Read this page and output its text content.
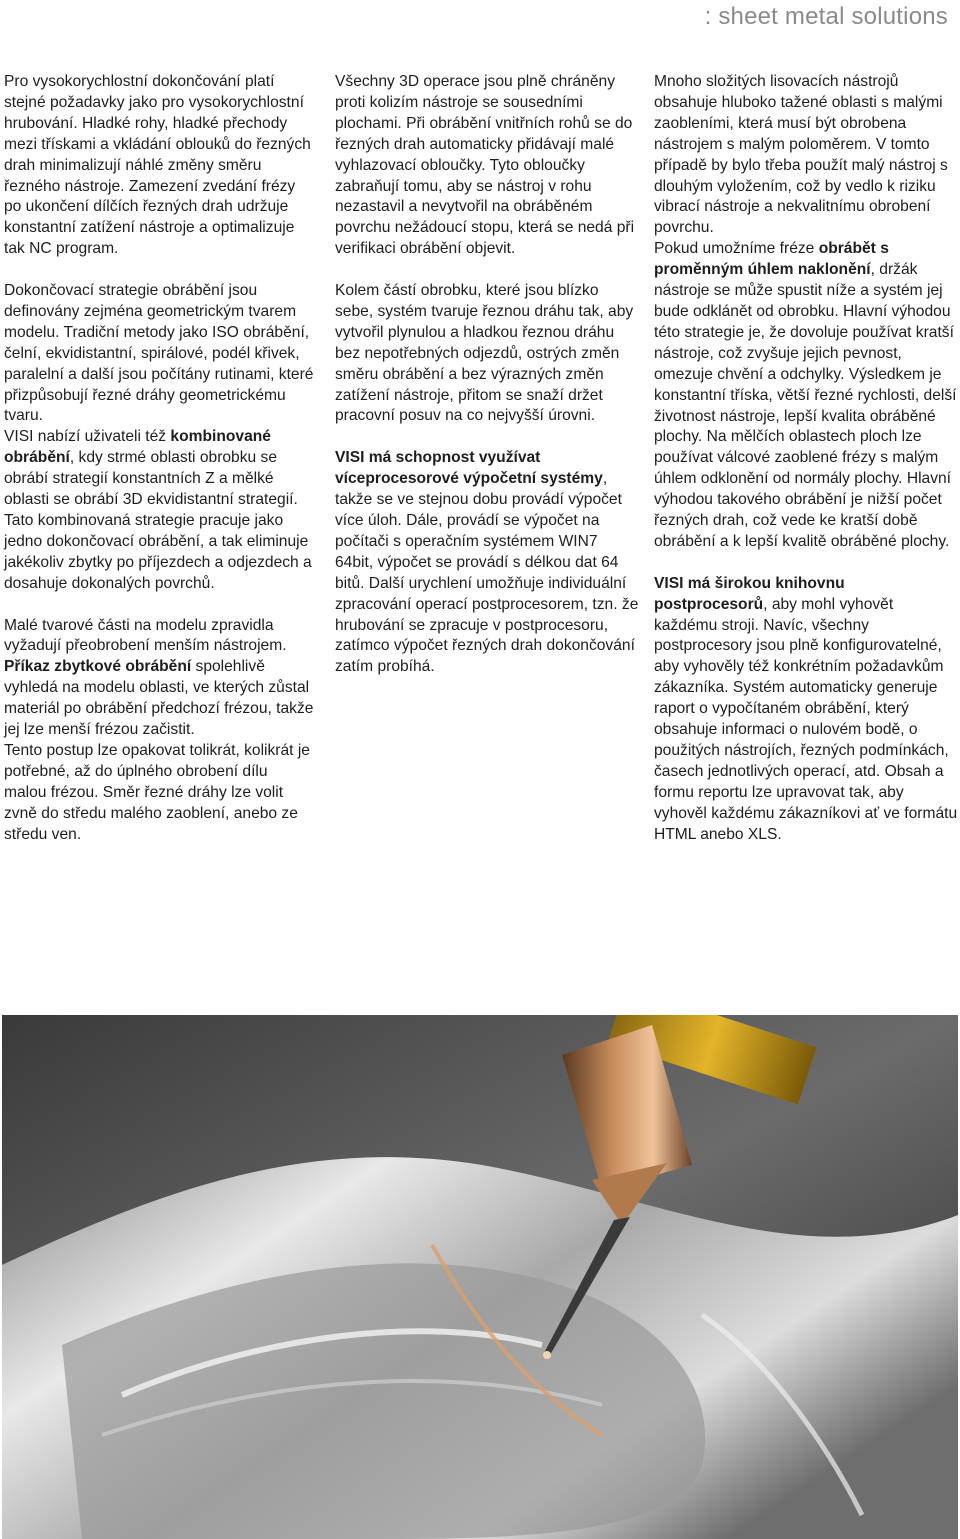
: sheet metal solutions

Pro vysokorychlostní dokončování platí stejné požadavky jako pro vysokorychlostní hrubování. Hladké rohy, hladké přechody mezi třískami a vkládání oblouků do řezných drah minimalizují náhlé změny směru řezného nástroje. Zamezení zvedání frézy po ukončení dílčích řezných drah udržuje konstantní zatížení nástroje a optimalizuje tak NC program.

Dokončovací strategie obrábění jsou definovány zejména geometrickým tvarem modelu. Tradiční metody jako ISO obrábění, čelní, ekvidistantní, spirálové, podél křivek, paralelní a další jsou počítány rutinami, které přizpůsobují řezné dráhy geometrickému tvaru.

VISI nabízí uživateli též kombinované obrábění, kdy strmé oblasti obrobku se obrábí strategií konstantních Z a mělké oblasti se obrábí 3D ekvidistantní strategií. Tato kombinovaná strategie pracuje jako jedno dokončovací obrábění, a tak eliminuje jakékoliv zbytky po příjezdech a odjezdech a dosahuje dokonalých povrchů.

Malé tvarové části na modelu zpravidla vyžadují přeobrobení menším nástrojem.

Příkaz zbytkové obrábění spolehlivě vyhledá na modelu oblasti, ve kterých zůstal materiál po obrábění předchozí frézou, takže jej lze menší frézou začistit.

Tento postup lze opakovat tolikrát, kolikrát je potřebné, až do úplného obrobení dílu malou frézou. Směr řezné dráhy lze volit zvně do středu malého zaoblení, anebo ze středu ven.

Všechny 3D operace jsou plně chráněny proti kolizím nástroje se sousedními plochami. Při obrábění vnitřních rohů se do řezných drah automaticky přidávají malé vyhlazovací obloučky. Tyto obloučky zabraňují tomu, aby se nástroj v rohu nezastavil a nevytvořil na obráběném povrchu nežádoucí stopu, která se nedá při verifikaci obrábění objevit.

Kolem částí obrobku, které jsou blízko sebe, systém tvaruje řeznou dráhu tak, aby vytvořil plynulou a hladkou řeznou dráhu bez nepotřebných odjezdů, ostrých změn směru obrábění a bez výrazných změn zatížení nástroje, přitom se snaží držet pracovní posuv na co nejvyšší úrovni.

VISI má schopnost využívat víceprocesorové výpočetní systémy, takže se ve stejnou dobu provádí výpočet více úloh. Dále, provádí se výpočet na počítači s operačním systémem WIN7 64bit, výpočet se provádí s délkou dat 64 bitů. Další urychlení umožňuje individuální zpracování operací postprocesorem, tzn. že hrubování se zpracuje v postprocesoru, zatímco výpočet řezných drah dokončování zatím probíhá.

Mnoho složitých lisovacích nástrojů obsahuje hluboko tažené oblasti s malými zaobleními, která musí být obrobena nástrojem s malým poloměrem. V tomto případě by bylo třeba použít malý nástroj s dlouhým vyložením, což by vedlo k riziku vibrací nástroje a nekvalitnímu obrobení povrchu.

Pokud umožníme fréze obrábět s proměnným úhlem naklonění, držák nástroje se může spustit níže a systém jej bude odklánět od obrobku. Hlavní výhodou této strategie je, že dovoluje používat kratší nástroje, což zvyšuje jejich pevnost, omezuje chvění a odchylky. Výsledkem je konstantní tříska, větší řezné rychlosti, delší životnost nástroje, lepší kvalita obráběné plochy. Na mělčích oblastech ploch lze používat válcové zaoblené frézy s malým úhlem odklonění od normály plochy. Hlavní výhodou takového obrábění je nižší počet řezných drah, což vede ke kratší době obrábění a k lepší kvalitě obráběné plochy.

VISI má širokou knihovnu postprocesorů, aby mohl vyhovět každému stroji. Navíc, všechny postprocesory jsou plně konfigurovatelné, aby vyhověly též konkrétním požadavkům zákazníka. Systém automaticky generuje raport o vypočítaném obrábění, který obsahuje informaci o nulovém bodě, o použitých nástrojích, řezných podmínkách, časech jednotlivých operací, atd. Obsah a formu reportu lze upravovat tak, aby vyhověl každému zákazníkovi ať ve formátu HTML anebo XLS.
